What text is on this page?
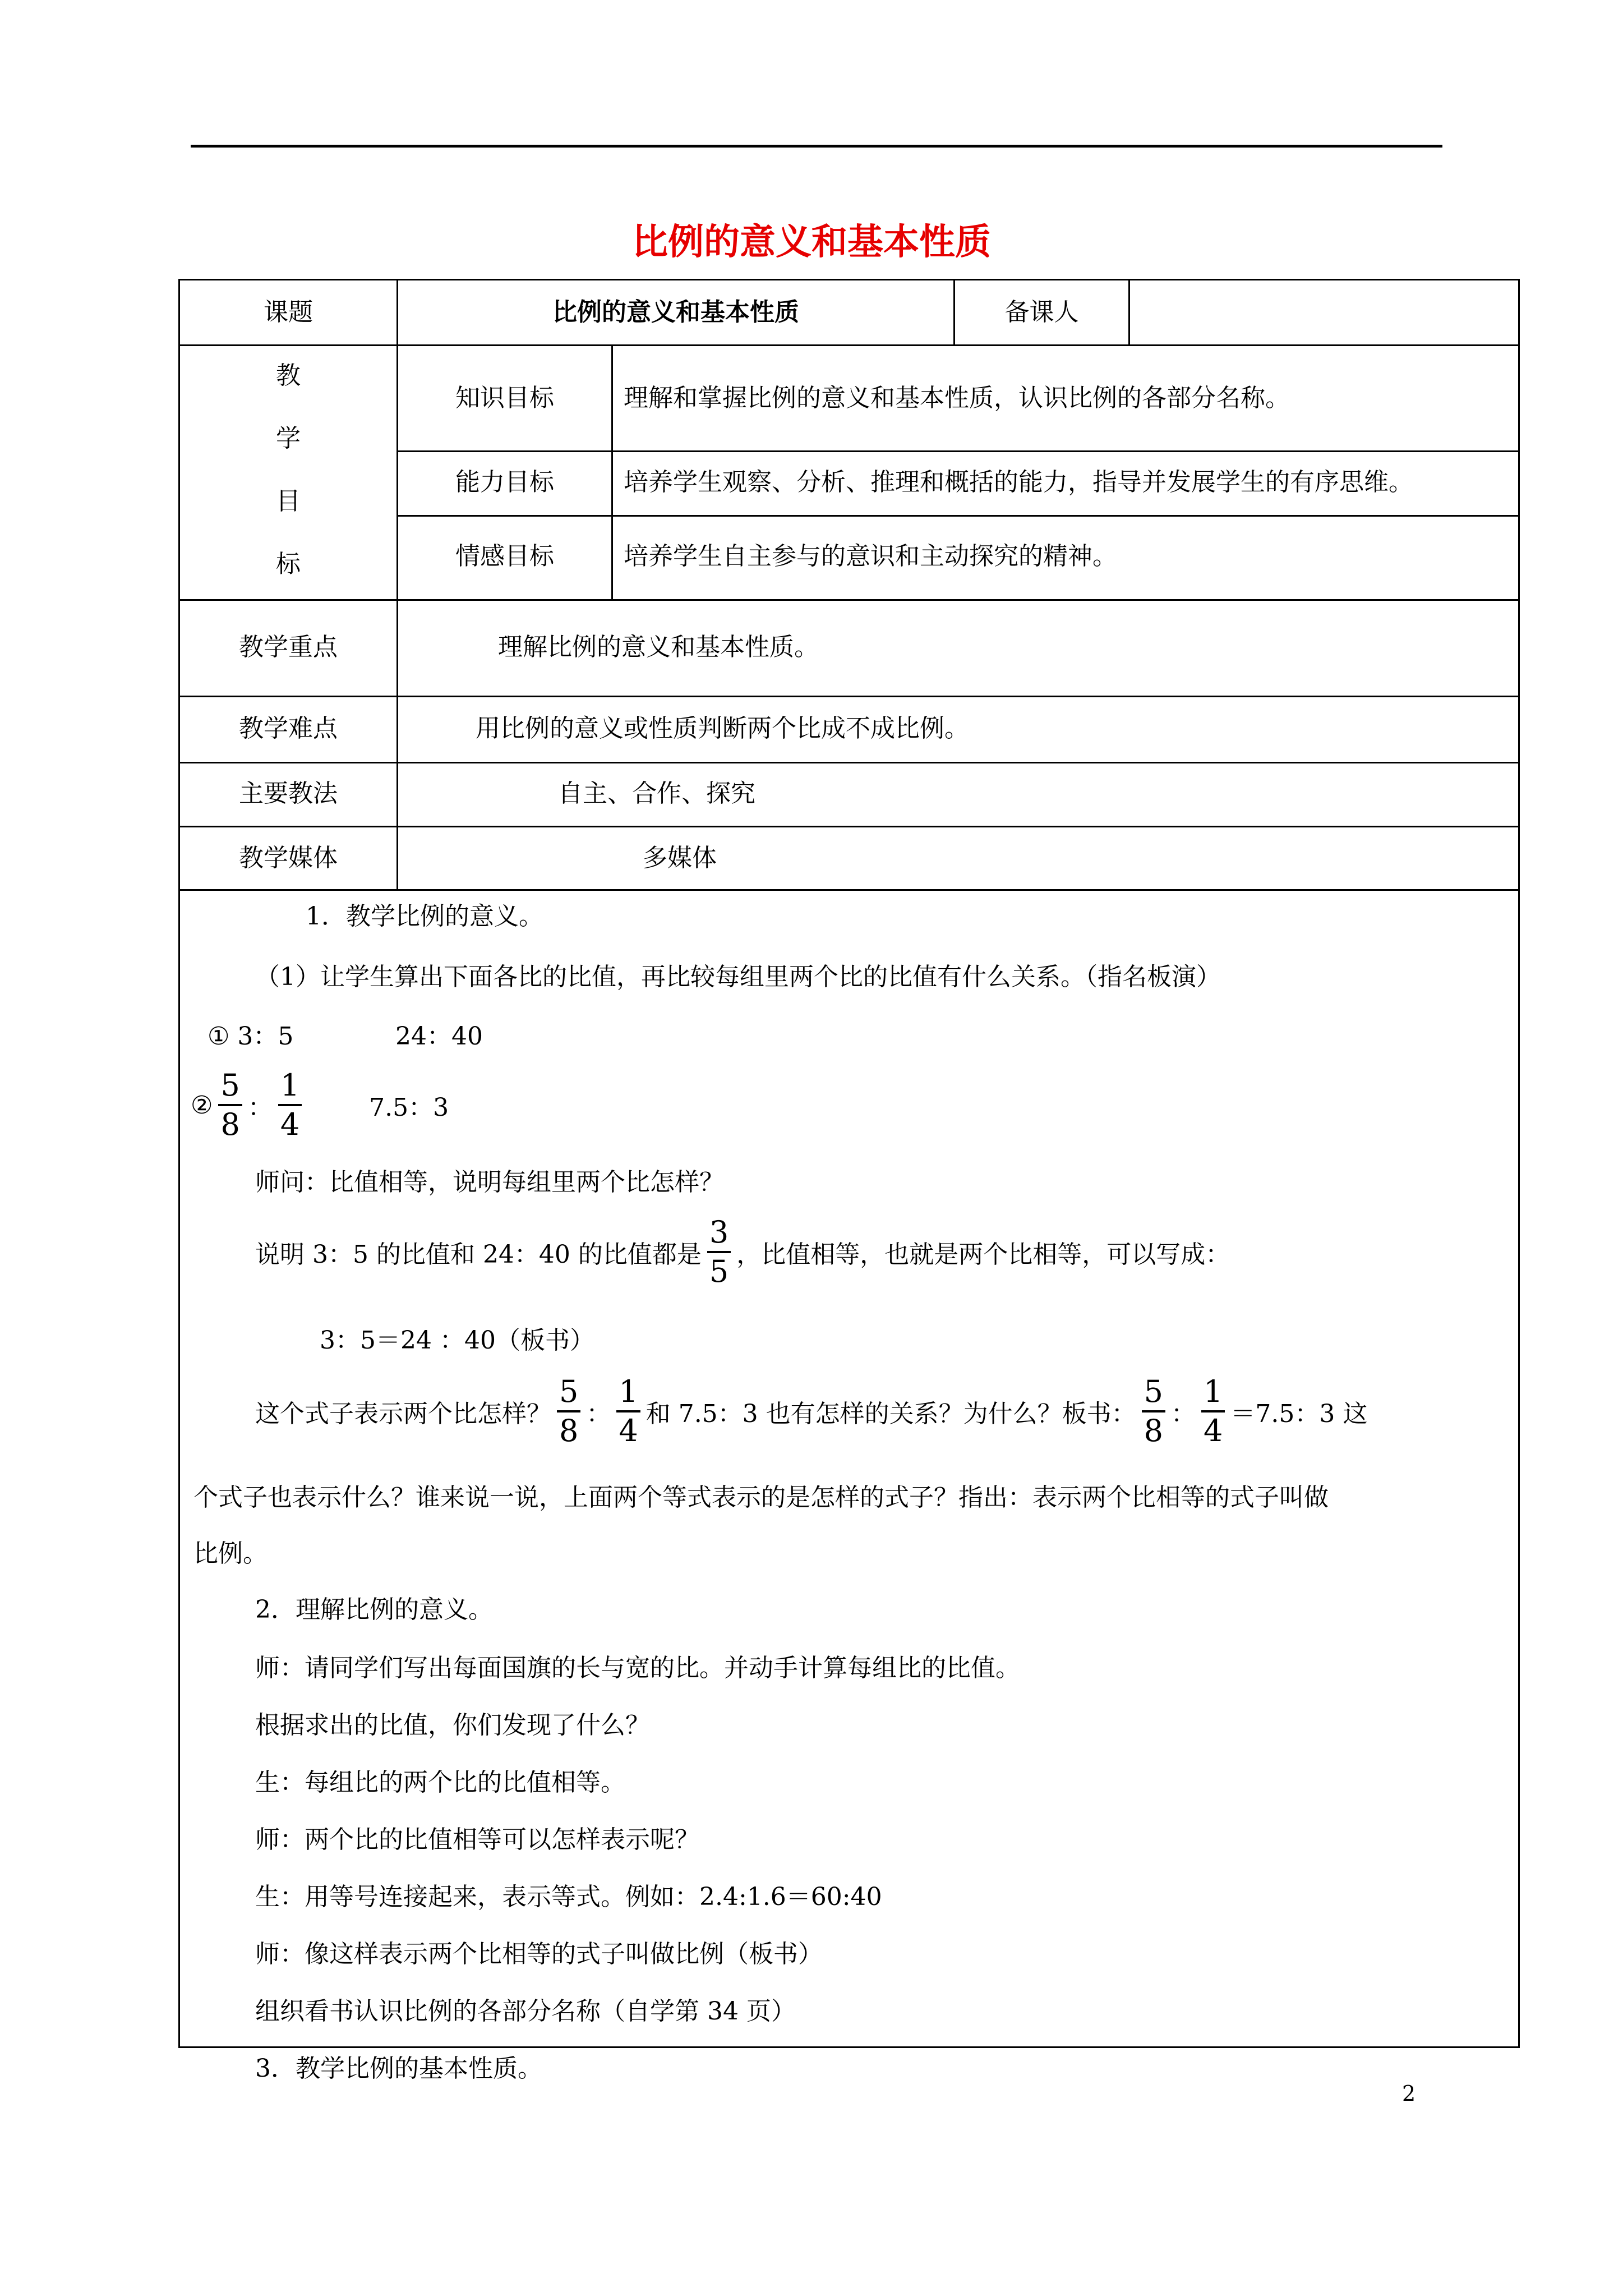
比例的意义和基本性质
课题	比例的意义和基本性质	备课人
教
学
目
标
知识目标	理解和掌握比例的意义和基本性质，认识比例的各部分名称。
能力目标	培养学生观察、分析、推理和概括的能力，指导并发展学生的有序思维。
情感目标	培养学生自主参与的意识和主动探究的精神。
教学重点	理解比例的意义和基本性质。
教学难点	用比例的意义或性质判断两个比成不成比例。
主要教法	自主、合作、探究
教学媒体	多媒体
1．教学比例的意义。
（1）让学生算出下面各比的比值，再比较每组里两个比的比值有什么关系。（指名板演）
① 3：5	24：40
② $\frac{5}{8}$ ： $\frac{1}{4}$	7.5：3
师问：比值相等，说明每组里两个比怎样？
说明 3：5 的比值和 24：40 的比值都是 $\frac{3}{5}$ ，比值相等，也就是两个比相等，可以写成：
3：5＝24 ：40（板书）
这个式子表示两个比怎样？ $\frac{5}{8}$ ： $\frac{1}{4}$ 和 7.5：3 也有怎样的关系？为什么？板书： $\frac{5}{8}$ ： $\frac{1}{4} =7.5$：3 这
个式子也表示什么？谁来说一说，上面两个等式表示的是怎样的式子？指出：表示两个比相等的式子叫做
比例。
2．理解比例的意义。
师：请同学们写出每面国旗的长与宽的比。并动手计算每组比的比值。
根据求出的比值，你们发现了什么？
生：每组比的两个比的比值相等。
师：两个比的比值相等可以怎样表示呢？
生：用等号连接起来，表示等式。例如：2.4:1.6＝60:40
师：像这样表示两个比相等的式子叫做比例（板书）
组织看书认识比例的各部分名称（自学第 34 页）
3．教学比例的基本性质。
2
